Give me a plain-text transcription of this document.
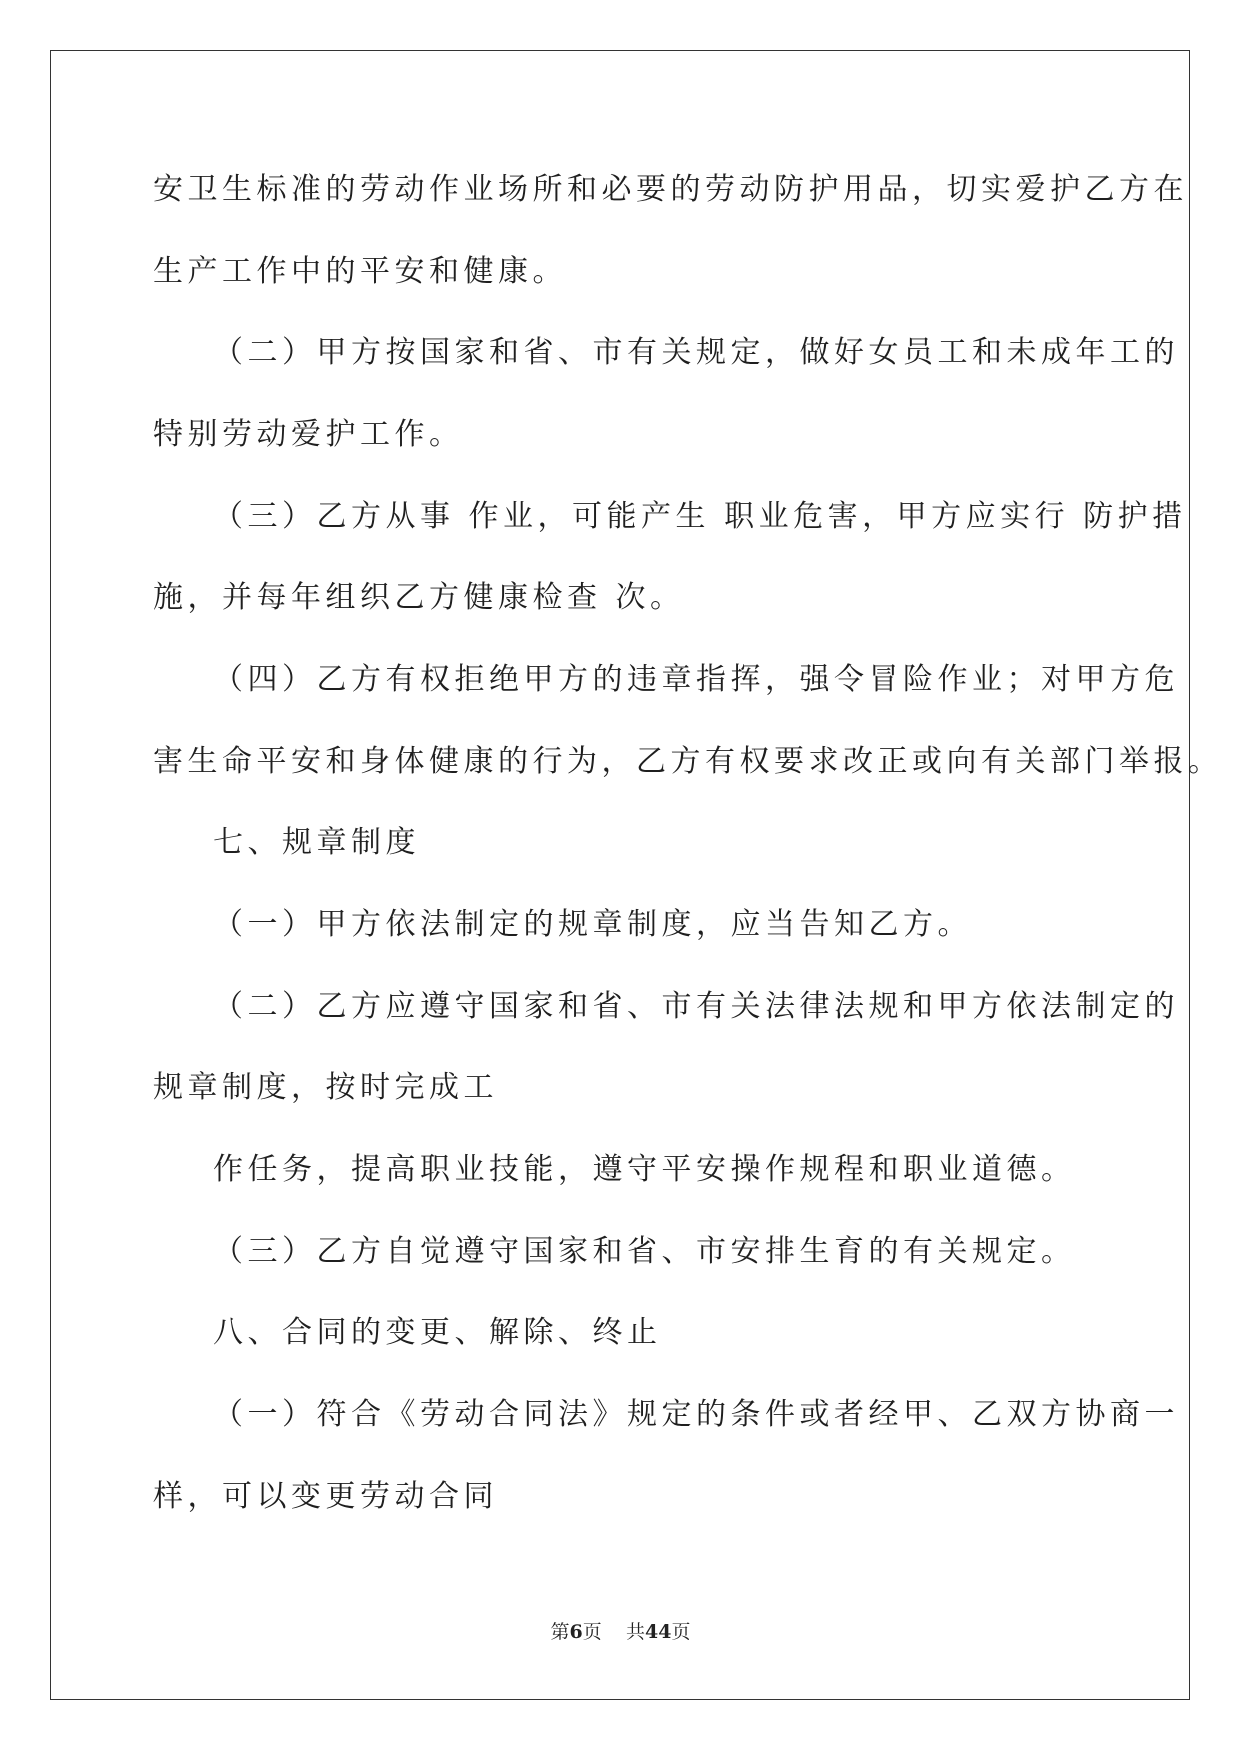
安卫生标准的劳动作业场所和必要的劳动防护用品，切实爱护乙方在
生产工作中的平安和健康。
（二）甲方按国家和省、市有关规定，做好女员工和未成年工的
特别劳动爱护工作。
（三）乙方从事 作业，可能产生 职业危害，甲方应实行 防护措
施，并每年组织乙方健康检查 次。
（四）乙方有权拒绝甲方的违章指挥，强令冒险作业；对甲方危
害生命平安和身体健康的行为，乙方有权要求改正或向有关部门举报。
七、规章制度
（一）甲方依法制定的规章制度，应当告知乙方。
（二）乙方应遵守国家和省、市有关法律法规和甲方依法制定的
规章制度，按时完成工
作任务，提高职业技能，遵守平安操作规程和职业道德。
（三）乙方自觉遵守国家和省、市安排生育的有关规定。
八、合同的变更、解除、终止
（一）符合《劳动合同法》规定的条件或者经甲、乙双方协商一
样，可以变更劳动合同
第6页 共44页
